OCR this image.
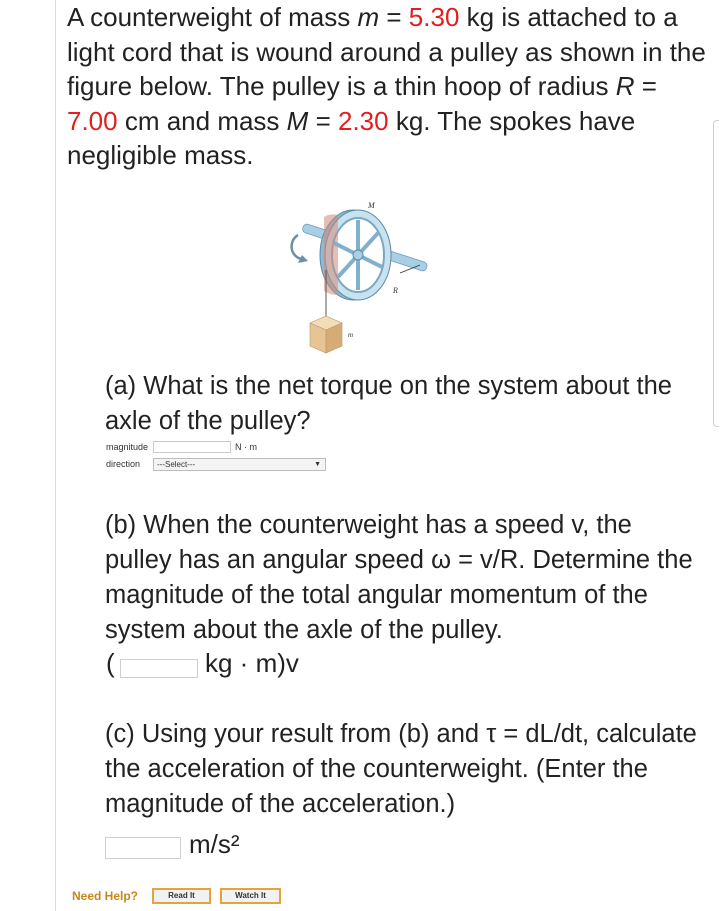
A counterweight of mass m = 5.30 kg is attached to a light cord that is wound around a pulley as shown in the figure below. The pulley is a thin hoop of radius R = 7.00 cm and mass M = 2.30 kg. The spokes have negligible mass.
R
M
m
(a) What is the net torque on the system about the axle of the pulley?
magnitude	N · m
direction	---Select---	▼
(b) When the counterweight has a speed v, the pulley has an angular speed ω = v/R. Determine the magnitude of the total angular momentum of the system about the axle of the pulley.
(	kg · m)v
(c) Using your result from (b) and τ = dL/dt, calculate the acceleration of the counterweight. (Enter the magnitude of the acceleration.)
m/s²
Need Help?	Read It	Watch It
